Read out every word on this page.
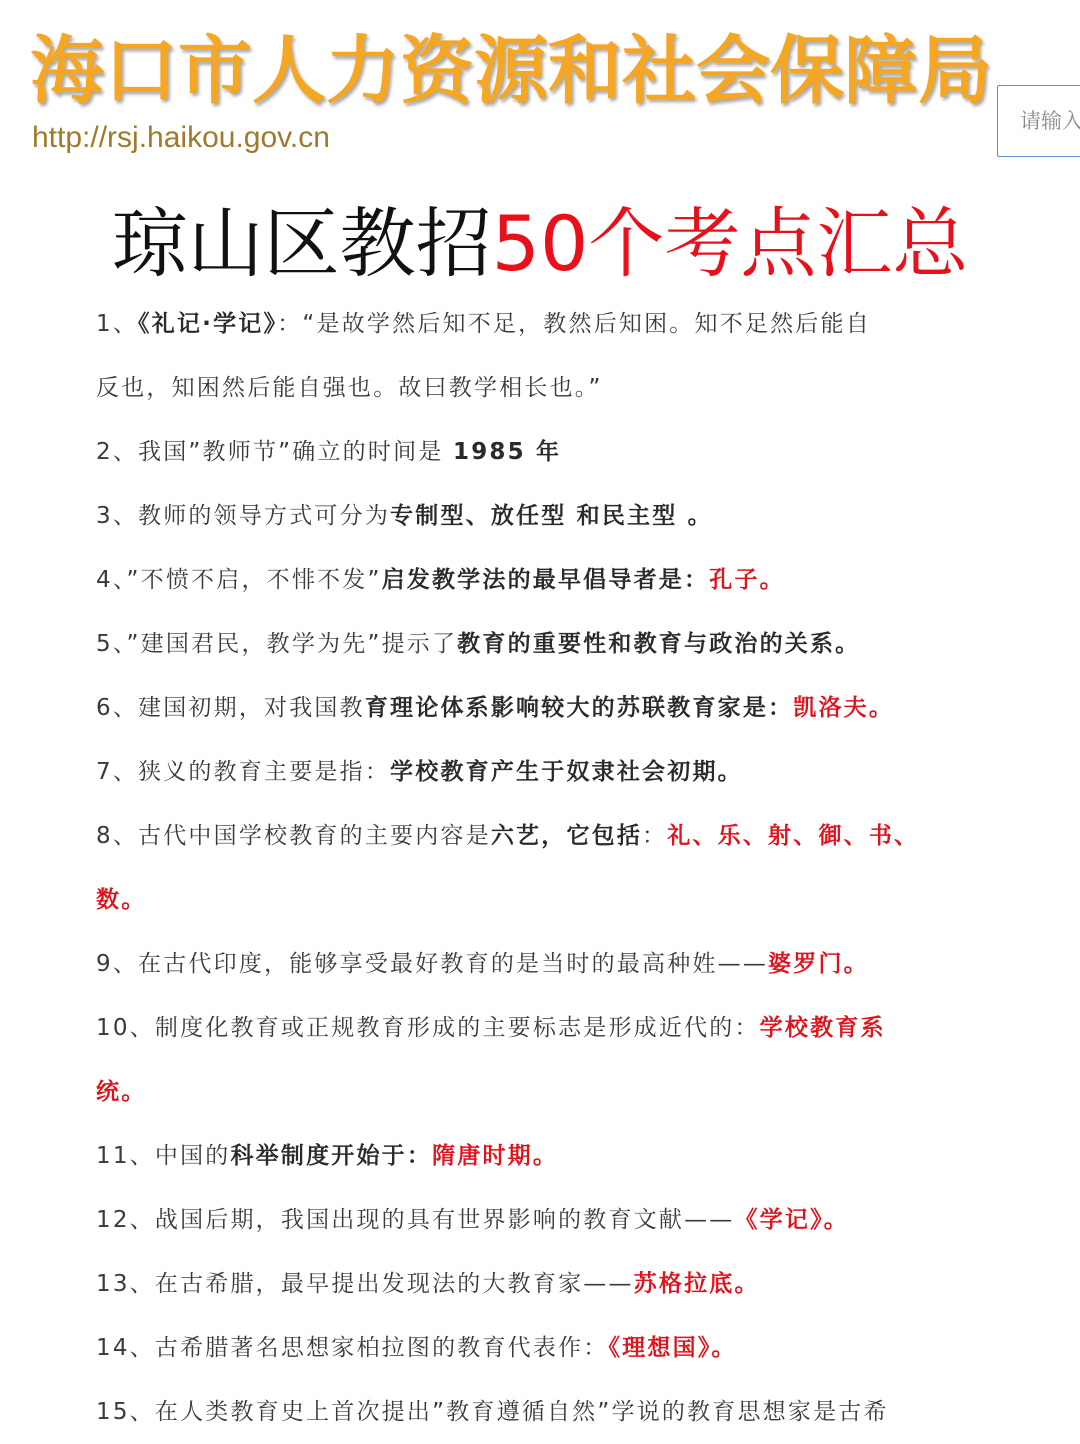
海口市人力资源和社会保障局
http://rsj.haikou.gov.cn
请输入
琼山区教招50个考点汇总
1、《礼记·学记》：“是故学然后知不足，教然后知困。知不足然后能自
反也，知困然后能自强也。故曰教学相长也。”
2、我国”教师节”确立的时间是 1985 年
3、教师的领导方式可分为专制型、放任型 和民主型 。
4、”不愤不启，不悱不发”启发教学法的最早倡导者是：孔子。
5、”建国君民，教学为先”提示了教育的重要性和教育与政治的关系。
6、建国初期，对我国教育理论体系影响较大的苏联教育家是：凯洛夫。
7、狭义的教育主要是指：学校教育产生于奴隶社会初期。
8、古代中国学校教育的主要内容是六艺，它包括：礼、乐、射、御、书、
数。
9、在古代印度，能够享受最好教育的是当时的最高种姓——婆罗门。
10、制度化教育或正规教育形成的主要标志是形成近代的：学校教育系
统。
11、中国的科举制度开始于：隋唐时期。
12、战国后期，我国出现的具有世界影响的教育文献——《学记》。
13、在古希腊，最早提出发现法的大教育家——苏格拉底。
14、古希腊著名思想家柏拉图的教育代表作：《理想国》。
15、在人类教育史上首次提出”教育遵循自然”学说的教育思想家是古希
